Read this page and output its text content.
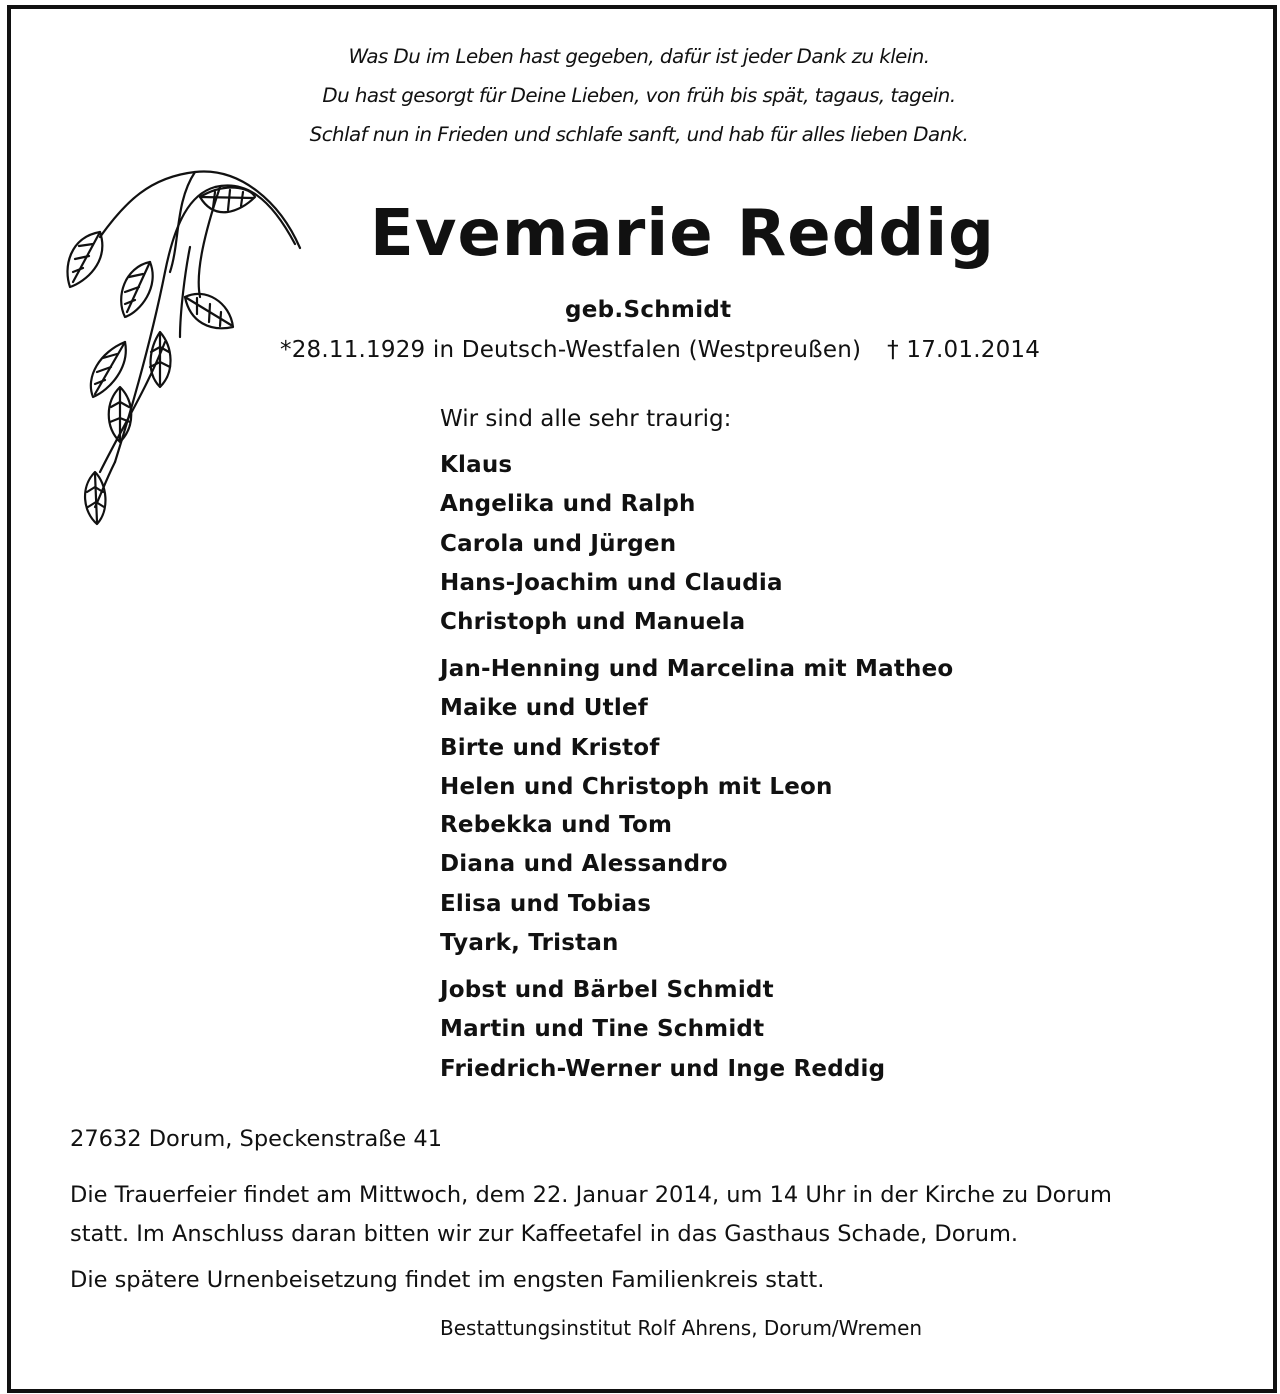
Was Du im Leben hast gegeben, dafür ist jeder Dank zu klein.
Du hast gesorgt für Deine Lieben, von früh bis spät, tagaus, tagein.
Schlaf nun in Frieden und schlafe sanft, und hab für alles lieben Dank.
Evemarie Reddig
geb.Schmidt
*28.11.1929 in Deutsch-Westfalen (Westpreußen) † 17.01.2014
Wir sind alle sehr traurig:
Klaus
Angelika und Ralph
Carola und Jürgen
Hans-Joachim und Claudia
Christoph und Manuela
Jan-Henning und Marcelina mit Matheo
Maike und Utlef
Birte und Kristof
Helen und Christoph mit Leon
Rebekka und Tom
Diana und Alessandro
Elisa und Tobias
Tyark, Tristan
Jobst und Bärbel Schmidt
Martin und Tine Schmidt
Friedrich-Werner und Inge Reddig
27632 Dorum, Speckenstraße 41
Die Trauerfeier findet am Mittwoch, dem 22. Januar 2014, um 14 Uhr in der Kirche zu Dorum
statt. Im Anschluss daran bitten wir zur Kaffeetafel in das Gasthaus Schade, Dorum.
Die spätere Urnenbeisetzung findet im engsten Familienkreis statt.
Bestattungsinstitut Rolf Ahrens, Dorum/Wremen
